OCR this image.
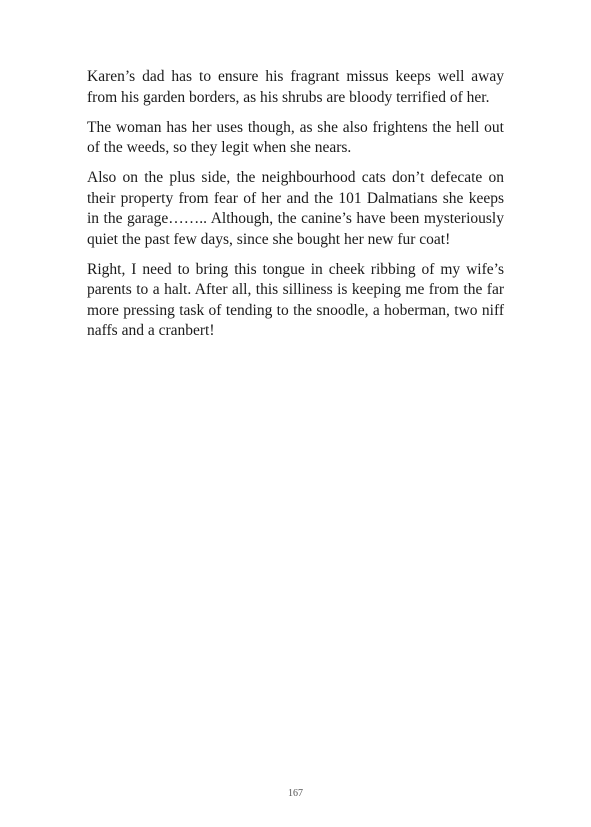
Karen’s dad has to ensure his fragrant missus keeps well away from his garden borders, as his shrubs are bloody terrified of her.

The woman has her uses though, as she also frightens the hell out of the weeds, so they legit when she nears.

Also on the plus side, the neighbourhood cats don’t defecate on their property from fear of her and the 101 Dalmatians she keeps in the garage…….. Although, the canine’s have been mysteriously quiet the past few days, since she bought her new fur coat!

Right, I need to bring this tongue in cheek ribbing of my wife’s parents to a halt. After all, this silliness is keeping me from the far more pressing task of tending to the snoodle, a hoberman, two niff naffs and a cranbert!

167
